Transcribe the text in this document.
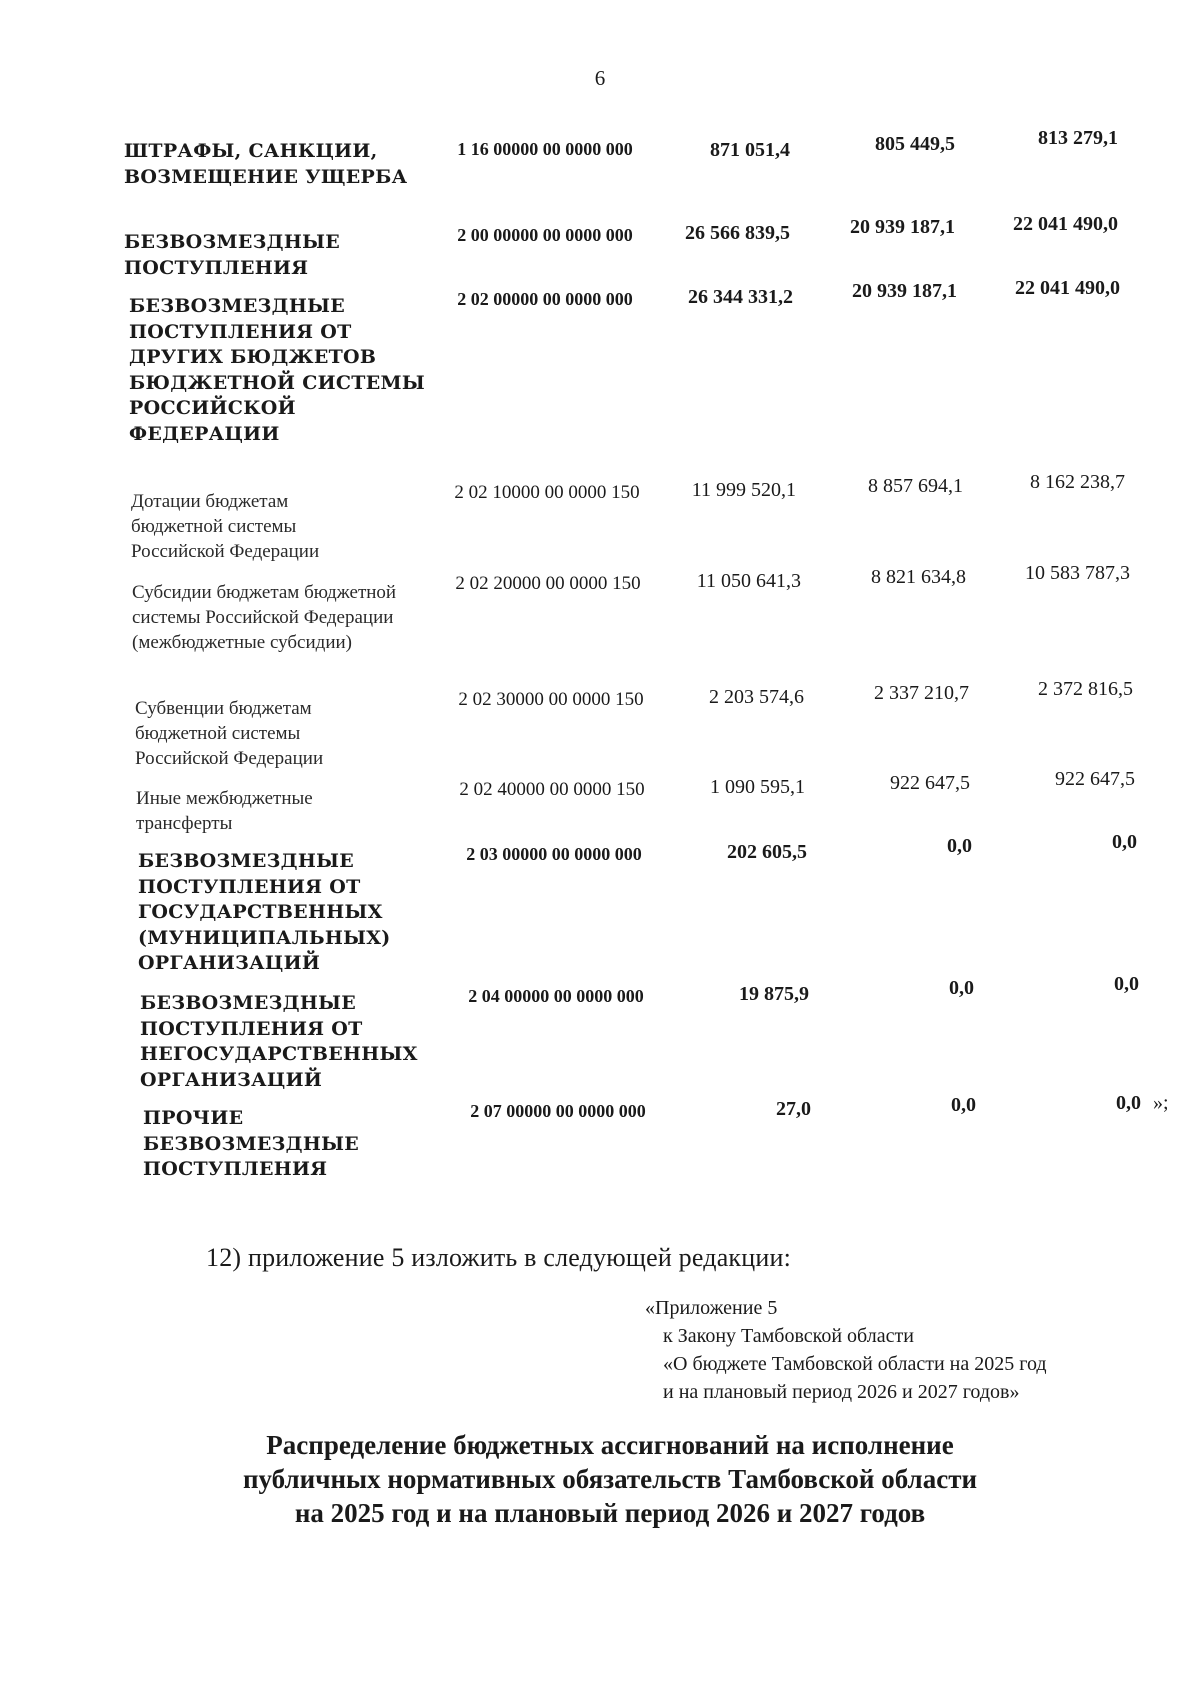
6
ШТРАФЫ, САНКЦИИ, ВОЗМЕЩЕНИЕ УЩЕРБА
1 16 00000 00 0000 000	871 051,4	805 449,5	813 279,1
БЕЗВОЗМЕЗДНЫЕ ПОСТУПЛЕНИЯ
2 00 00000 00 0000 000	26 566 839,5	20 939 187,1	22 041 490,0
БЕЗВОЗМЕЗДНЫЕ ПОСТУПЛЕНИЯ ОТ ДРУГИХ БЮДЖЕТОВ БЮДЖЕТНОЙ СИСТЕМЫ РОССИЙСКОЙ ФЕДЕРАЦИИ
2 02 00000 00 0000 000	26 344 331,2	20 939 187,1	22 041 490,0
Дотации бюджетам бюджетной системы Российской Федерации
2 02 10000 00 0000 150	11 999 520,1	8 857 694,1	8 162 238,7
Субсидии бюджетам бюджетной системы Российской Федерации (межбюджетные субсидии)
2 02 20000 00 0000 150	11 050 641,3	8 821 634,8	10 583 787,3
Субвенции бюджетам бюджетной системы Российской Федерации
2 02 30000 00 0000 150	2 203 574,6	2 337 210,7	2 372 816,5
Иные межбюджетные трансферты
2 02 40000 00 0000 150	1 090 595,1	922 647,5	922 647,5
БЕЗВОЗМЕЗДНЫЕ ПОСТУПЛЕНИЯ ОТ ГОСУДАРСТВЕННЫХ (МУНИЦИПАЛЬНЫХ) ОРГАНИЗАЦИЙ
2 03 00000 00 0000 000	202 605,5	0,0	0,0
БЕЗВОЗМЕЗДНЫЕ ПОСТУПЛЕНИЯ ОТ НЕГОСУДАРСТВЕННЫХ ОРГАНИЗАЦИЙ
2 04 00000 00 0000 000	19 875,9	0,0	0,0
ПРОЧИЕ БЕЗВОЗМЕЗДНЫЕ ПОСТУПЛЕНИЯ
2 07 00000 00 0000 000	27,0	0,0	0,0 »;
12) приложение 5 изложить в следующей редакции:
«Приложение 5
к Закону Тамбовской области
«О бюджете Тамбовской области на 2025 год
и на плановый период 2026 и 2027 годов»
Распределение бюджетных ассигнований на исполнение
публичных нормативных обязательств Тамбовской области
на 2025 год и на плановый период 2026 и 2027 годов
